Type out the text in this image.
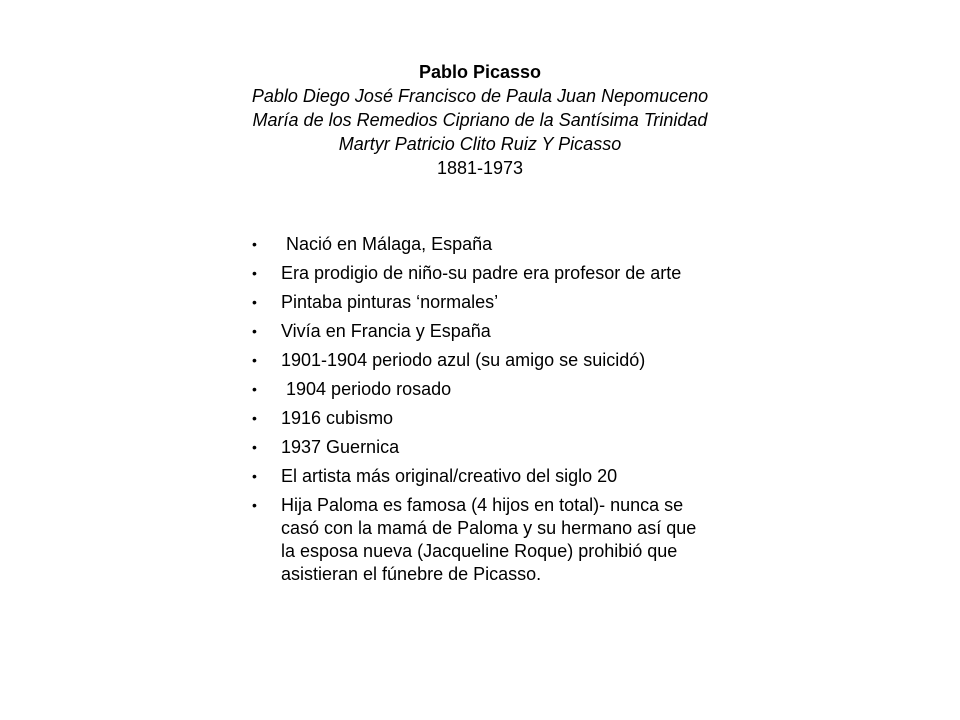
Pablo Picasso
Pablo Diego José Francisco de Paula Juan Nepomuceno María de los Remedios Cipriano de la Santísima Trinidad Martyr Patricio Clito Ruiz Y Picasso
1881-1973
• Nació en Málaga, España
• Era prodigio de niño-su padre era profesor de arte
• Pintaba pinturas ‘normales’
• Vivía en Francia y España
• 1901-1904 periodo azul (su amigo se suicidó)
• 1904 periodo rosado
• 1916 cubismo
• 1937 Guernica
• El artista más original/creativo del siglo 20
• Hija Paloma es famosa (4 hijos en total)- nunca se casó con la mamá de Paloma y su hermano así que la esposa nueva (Jacqueline Roque) prohibió que asistieran el fúnebre de Picasso.
